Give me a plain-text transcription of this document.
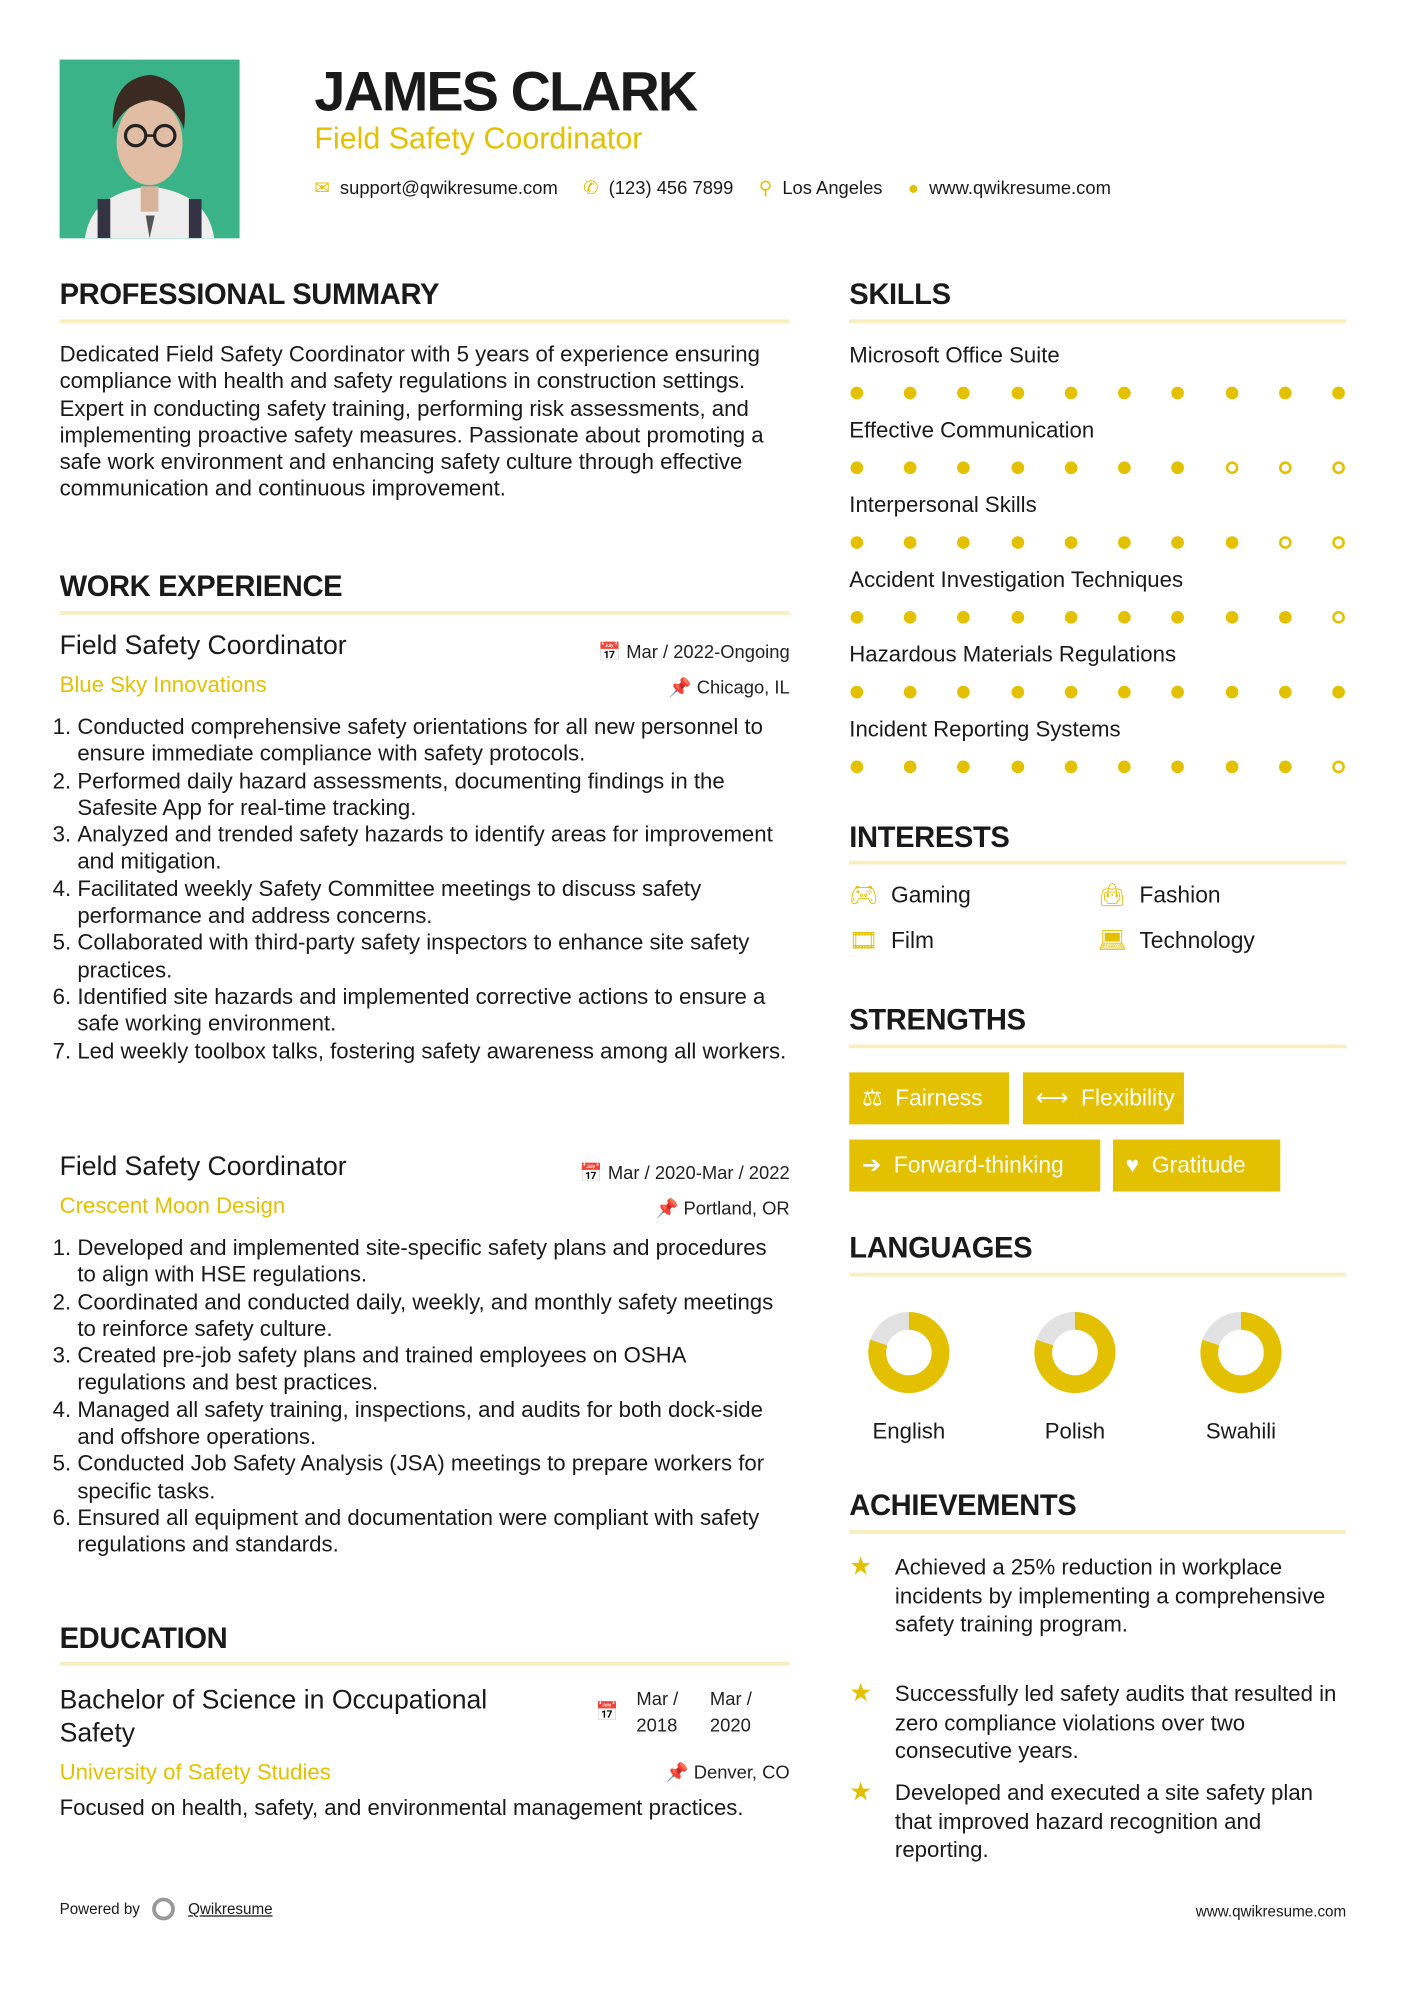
JAMES CLARK
Field Safety Coordinator
✉ support@qwikresume.com ✆ (123) 456 7899 ⚲ Los Angeles ● www.qwikresume.com
PROFESSIONAL SUMMARY
Dedicated Field Safety Coordinator with 5 years of experience ensuring compliance with health and safety regulations in construction settings. Expert in conducting safety training, performing risk assessments, and implementing proactive safety measures. Passionate about promoting a safe work environment and enhancing safety culture through effective communication and continuous improvement.
WORK EXPERIENCE
Field Safety Coordinator	📅 Mar / 2022-Ongoing
Blue Sky Innovations	📌 Chicago, IL
1. Conducted comprehensive safety orientations for all new personnel to ensure immediate compliance with safety protocols.
2. Performed daily hazard assessments, documenting findings in the Safesite App for real-time tracking.
3. Analyzed and trended safety hazards to identify areas for improvement and mitigation.
4. Facilitated weekly Safety Committee meetings to discuss safety performance and address concerns.
5. Collaborated with third-party safety inspectors to enhance site safety practices.
6. Identified site hazards and implemented corrective actions to ensure a safe working environment.
7. Led weekly toolbox talks, fostering safety awareness among all workers.
Field Safety Coordinator	📅 Mar / 2020-Mar / 2022
Crescent Moon Design	📌 Portland, OR
1. Developed and implemented site-specific safety plans and procedures to align with HSE regulations.
2. Coordinated and conducted daily, weekly, and monthly safety meetings to reinforce safety culture.
3. Created pre-job safety plans and trained employees on OSHA regulations and best practices.
4. Managed all safety training, inspections, and audits for both dock-side and offshore operations.
5. Conducted Job Safety Analysis (JSA) meetings to prepare workers for specific tasks.
6. Ensured all equipment and documentation were compliant with safety regulations and standards.
EDUCATION
Bachelor of Science in Occupational Safety
📅
Mar / 2018
Mar / 2020
University of Safety Studies	📌 Denver, CO
Focused on health, safety, and environmental management practices.
Powered by	Qwikresume	www.qwikresume.com
SKILLS
Microsoft Office Suite
Effective Communication
Interpersonal Skills
Accident Investigation Techniques
Hazardous Materials Regulations
Incident Reporting Systems
INTERESTS
🎮︎ Gaming	👜︎ Fashion
🎞︎ Film	💻︎ Technology
STRENGTHS
⚖ Fairness	⟷ Flexibility
➔ Forward-thinking	♥ Gratitude
LANGUAGES
English	Polish	Swahili
ACHIEVEMENTS
★	Achieved a 25% reduction in workplace incidents by implementing a comprehensive safety training program.
★	Successfully led safety audits that resulted in zero compliance violations over two consecutive years.
★	Developed and executed a site safety plan that improved hazard recognition and reporting.
